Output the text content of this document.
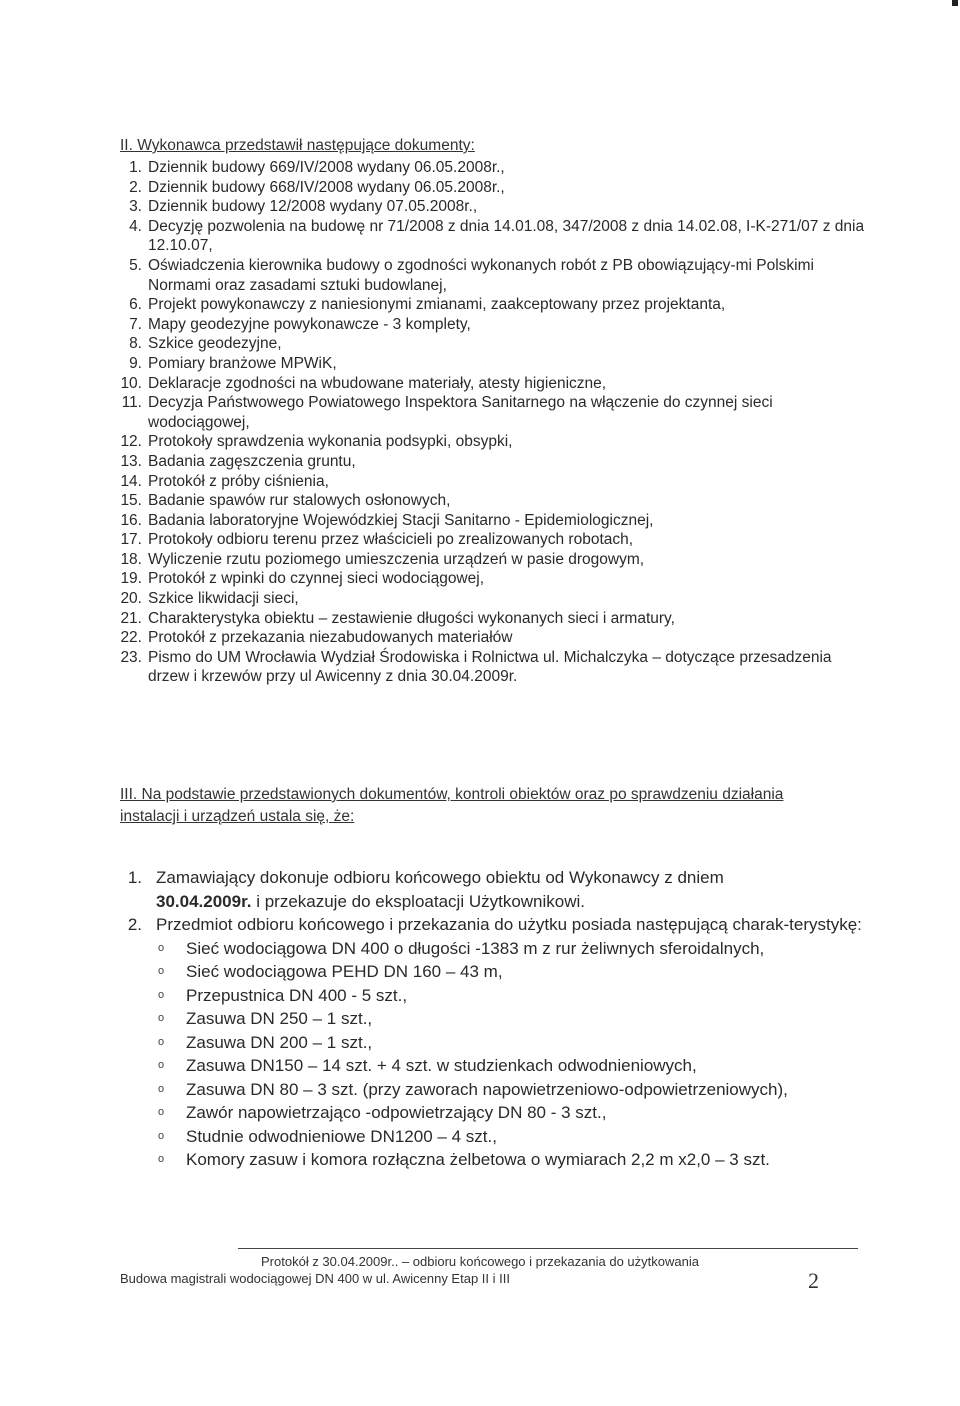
II. Wykonawca przedstawił następujące dokumenty:
1. Dziennik budowy 669/IV/2008 wydany 06.05.2008r.,
2. Dziennik budowy 668/IV/2008 wydany 06.05.2008r.,
3. Dziennik budowy 12/2008 wydany 07.05.2008r.,
4. Decyzję pozwolenia na budowę nr 71/2008 z dnia 14.01.08, 347/2008 z dnia 14.02.08, I-K-271/07 z dnia 12.10.07,
5. Oświadczenia kierownika budowy o zgodności wykonanych robót z PB obowiązujący-mi Polskimi Normami oraz zasadami sztuki budowlanej,
6. Projekt powykonawczy z naniesionymi zmianami, zaakceptowany przez projektanta,
7. Mapy geodezyjne powykonawcze - 3 komplety,
8. Szkice geodezyjne,
9. Pomiary branżowe MPWiK,
10. Deklaracje zgodności na wbudowane materiały, atesty higieniczne,
11. Decyzja Państwowego Powiatowego Inspektora Sanitarnego na włączenie do czynnej sieci wodociągowej,
12. Protokoły sprawdzenia wykonania podsypki, obsypki,
13. Badania zagęszczenia gruntu,
14. Protokół z próby ciśnienia,
15. Badanie spawów rur stalowych osłonowych,
16. Badania laboratoryjne Wojewódzkiej Stacji Sanitarno - Epidemiologicznej,
17. Protokoły odbioru terenu przez właścicieli po zrealizowanych robotach,
18. Wyliczenie rzutu poziomego umieszczenia urządzeń w pasie drogowym,
19. Protokół z wpinki do czynnej sieci wodociągowej,
20. Szkice likwidacji sieci,
21. Charakterystyka obiektu – zestawienie długości wykonanych sieci i armatury,
22. Protokół z przekazania niezabudowanych materiałów
23. Pismo do UM Wrocławia Wydział Środowiska i Rolnictwa ul. Michalczyka – dotyczące przesadzenia drzew i krzewów przy ul Awicenny z dnia 30.04.2009r.
III. Na podstawie przedstawionych dokumentów, kontroli obiektów oraz po sprawdzeniu działania instalacji i urządzeń ustala się, że:
1. Zamawiający dokonuje odbioru końcowego obiektu od Wykonawcy z dniem
30.04.2009r. i przekazuje do eksploatacji Użytkownikowi.
2. Przedmiot odbioru końcowego i przekazania do użytku posiada następującą charak-terystykę:
o	Sieć wodociągowa DN 400 o długości -1383 m z rur żeliwnych sferoidalnych,
o	Sieć wodociągowa PEHD DN 160 – 43 m,
o	Przepustnica DN 400 - 5 szt.,
o	Zasuwa DN 250 – 1 szt.,
o	Zasuwa DN 200 – 1 szt.,
o	Zasuwa DN150 – 14 szt. + 4 szt. w studzienkach odwodnieniowych,
o	Zasuwa DN 80 – 3 szt. (przy zaworach napowietrzeniowo-odpowietrzeniowych),
o	Zawór napowietrzająco -odpowietrzający DN 80 - 3 szt.,
o	Studnie odwodnieniowe DN1200 – 4 szt.,
o	Komory zasuw i komora rozłączna żelbetowa o wymiarach 2,2 m x2,0 – 3 szt.
Protokół z 30.04.2009r.. – odbioru końcowego i przekazania do użytkowania
Budowa magistrali wodociągowej DN 400 w ul. Awicenny Etap II i III	2
